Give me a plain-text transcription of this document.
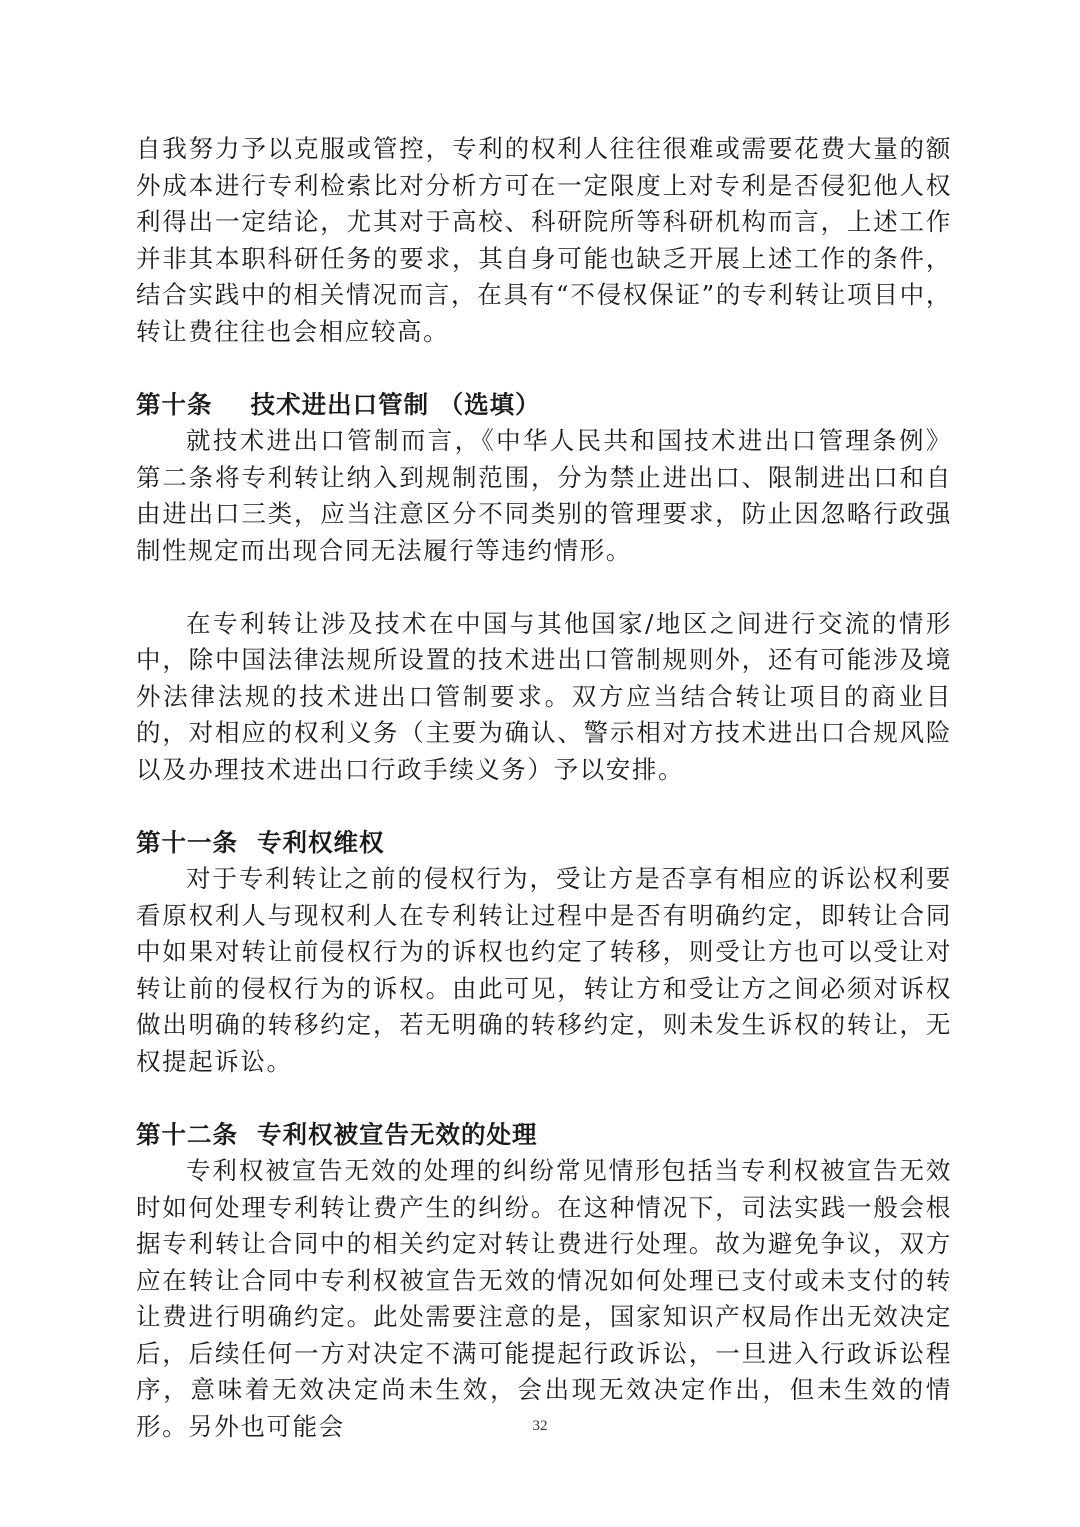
自我努力予以克服或管控，专利的权利人往往很难或需要花费大量的额外成本进行专利检索比对分析方可在一定限度上对专利是否侵犯他人权利得出一定结论，尤其对于高校、科研院所等科研机构而言，上述工作并非其本职科研任务的要求，其自身可能也缺乏开展上述工作的条件，结合实践中的相关情况而言，在具有“不侵权保证”的专利转让项目中，转让费往往也会相应较高。

第十条    技术进出口管制 （选填）

就技术进出口管制而言，《中华人民共和国技术进出口管理条例》第二条将专利转让纳入到规制范围，分为禁止进出口、限制进出口和自由进出口三类，应当注意区分不同类别的管理要求，防止因忽略行政强制性规定而出现合同无法履行等违约情形。

在专利转让涉及技术在中国与其他国家/地区之间进行交流的情形中，除中国法律法规所设置的技术进出口管制规则外，还有可能涉及境外法律法规的技术进出口管制要求。双方应当结合转让项目的商业目的，对相应的权利义务（主要为确认、警示相对方技术进出口合规风险以及办理技术进出口行政手续义务）予以安排。

第十一条  专利权维权

对于专利转让之前的侵权行为，受让方是否享有相应的诉讼权利要看原权利人与现权利人在专利转让过程中是否有明确约定，即转让合同中如果对转让前侵权行为的诉权也约定了转移，则受让方也可以受让对转让前的侵权行为的诉权。由此可见，转让方和受让方之间必须对诉权做出明确的转移约定，若无明确的转移约定，则未发生诉权的转让，无权提起诉讼。

第十二条  专利权被宣告无效的处理

专利权被宣告无效的处理的纠纷常见情形包括当专利权被宣告无效时如何处理专利转让费产生的纠纷。在这种情况下，司法实践一般会根据专利转让合同中的相关约定对转让费进行处理。故为避免争议，双方应在转让合同中专利权被宣告无效的情况如何处理已支付或未支付的转让费进行明确约定。此处需要注意的是，国家知识产权局作出无效决定后，后续任何一方对决定不满可能提起行政诉讼，一旦进入行政诉讼程序，意味着无效决定尚未生效，会出现无效决定作出，但未生效的情形。另外也可能会	32
